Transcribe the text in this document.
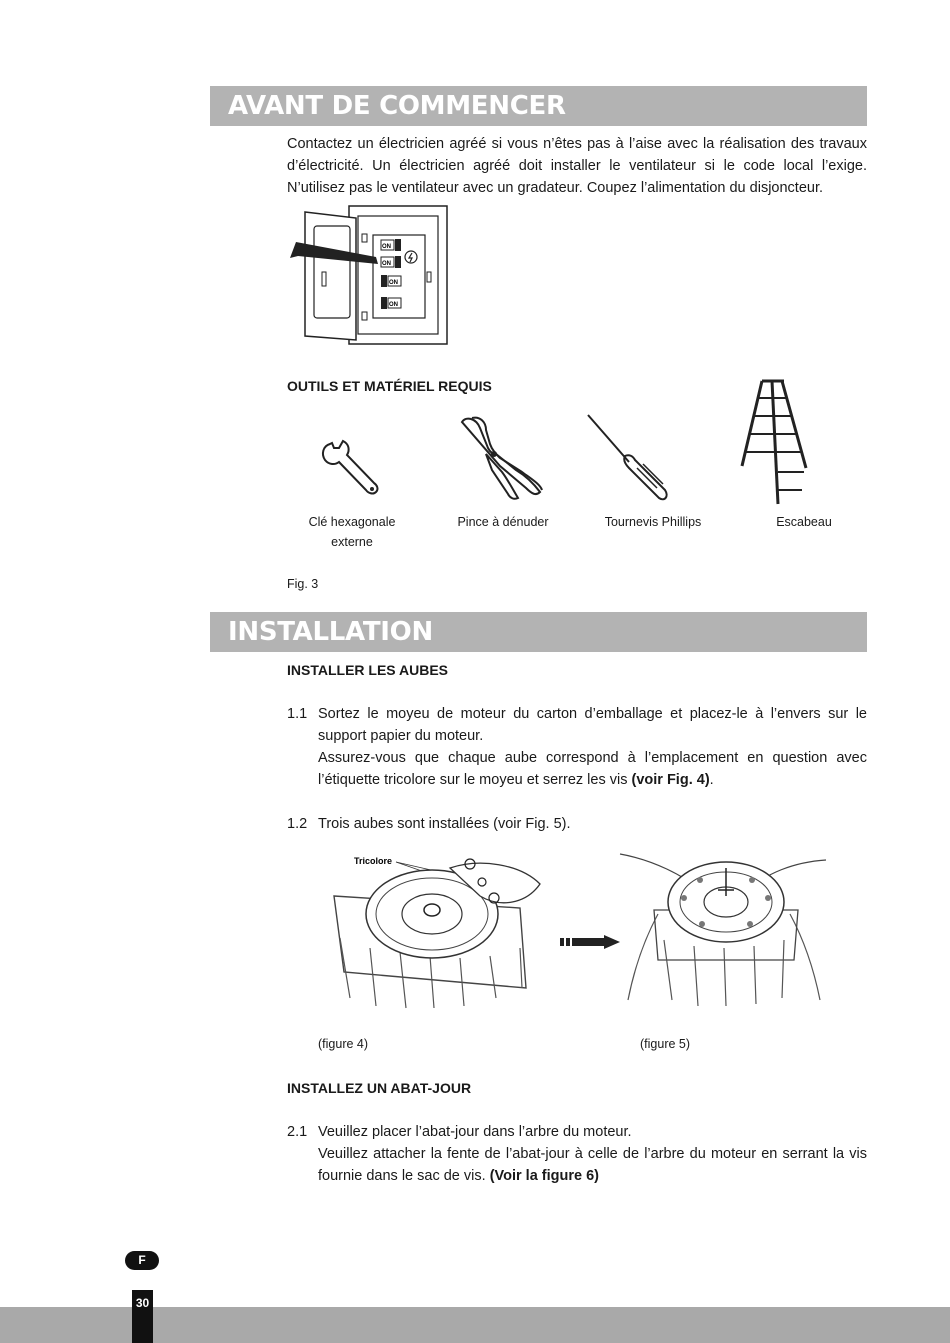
AVANT DE COMMENCER
Contactez un électricien agréé si vous n’êtes pas à l’aise avec la réalisation des travaux d’électricité. Un électricien agréé doit installer le ventilateur si le code local l’exige. N’utilisez pas le ventilateur avec un gradateur. Coupez l’alimentation du disjoncteur.
ON
ON
ON
ON
OUTILS ET MATÉRIEL REQUIS
Clé hexagonale
externe
Pince à dénuder	Tournevis Phillips	Escabeau
Fig. 3
INSTALLATION
INSTALLER LES AUBES
1.1 Sortez le moyeu de moteur du carton d’emballage et placez-le à l’envers sur le support papier du moteur.

Assurez-vous que chaque aube correspond à l’emplacement en question avec l’étiquette tricolore sur le moyeu et serrez les vis (voir Fig. 4).

1.2 Trois aubes sont installées (voir Fig. 5).

Tricolore
(figure 4)	(figure 5)
INSTALLEZ UN ABAT-JOUR
2.1 Veuillez placer l’abat-jour dans l’arbre du moteur.

Veuillez attacher la fente de l’abat-jour à celle de l’arbre du moteur en serrant la vis fournie dans le sac de vis. (Voir la figure 6)

F
30
